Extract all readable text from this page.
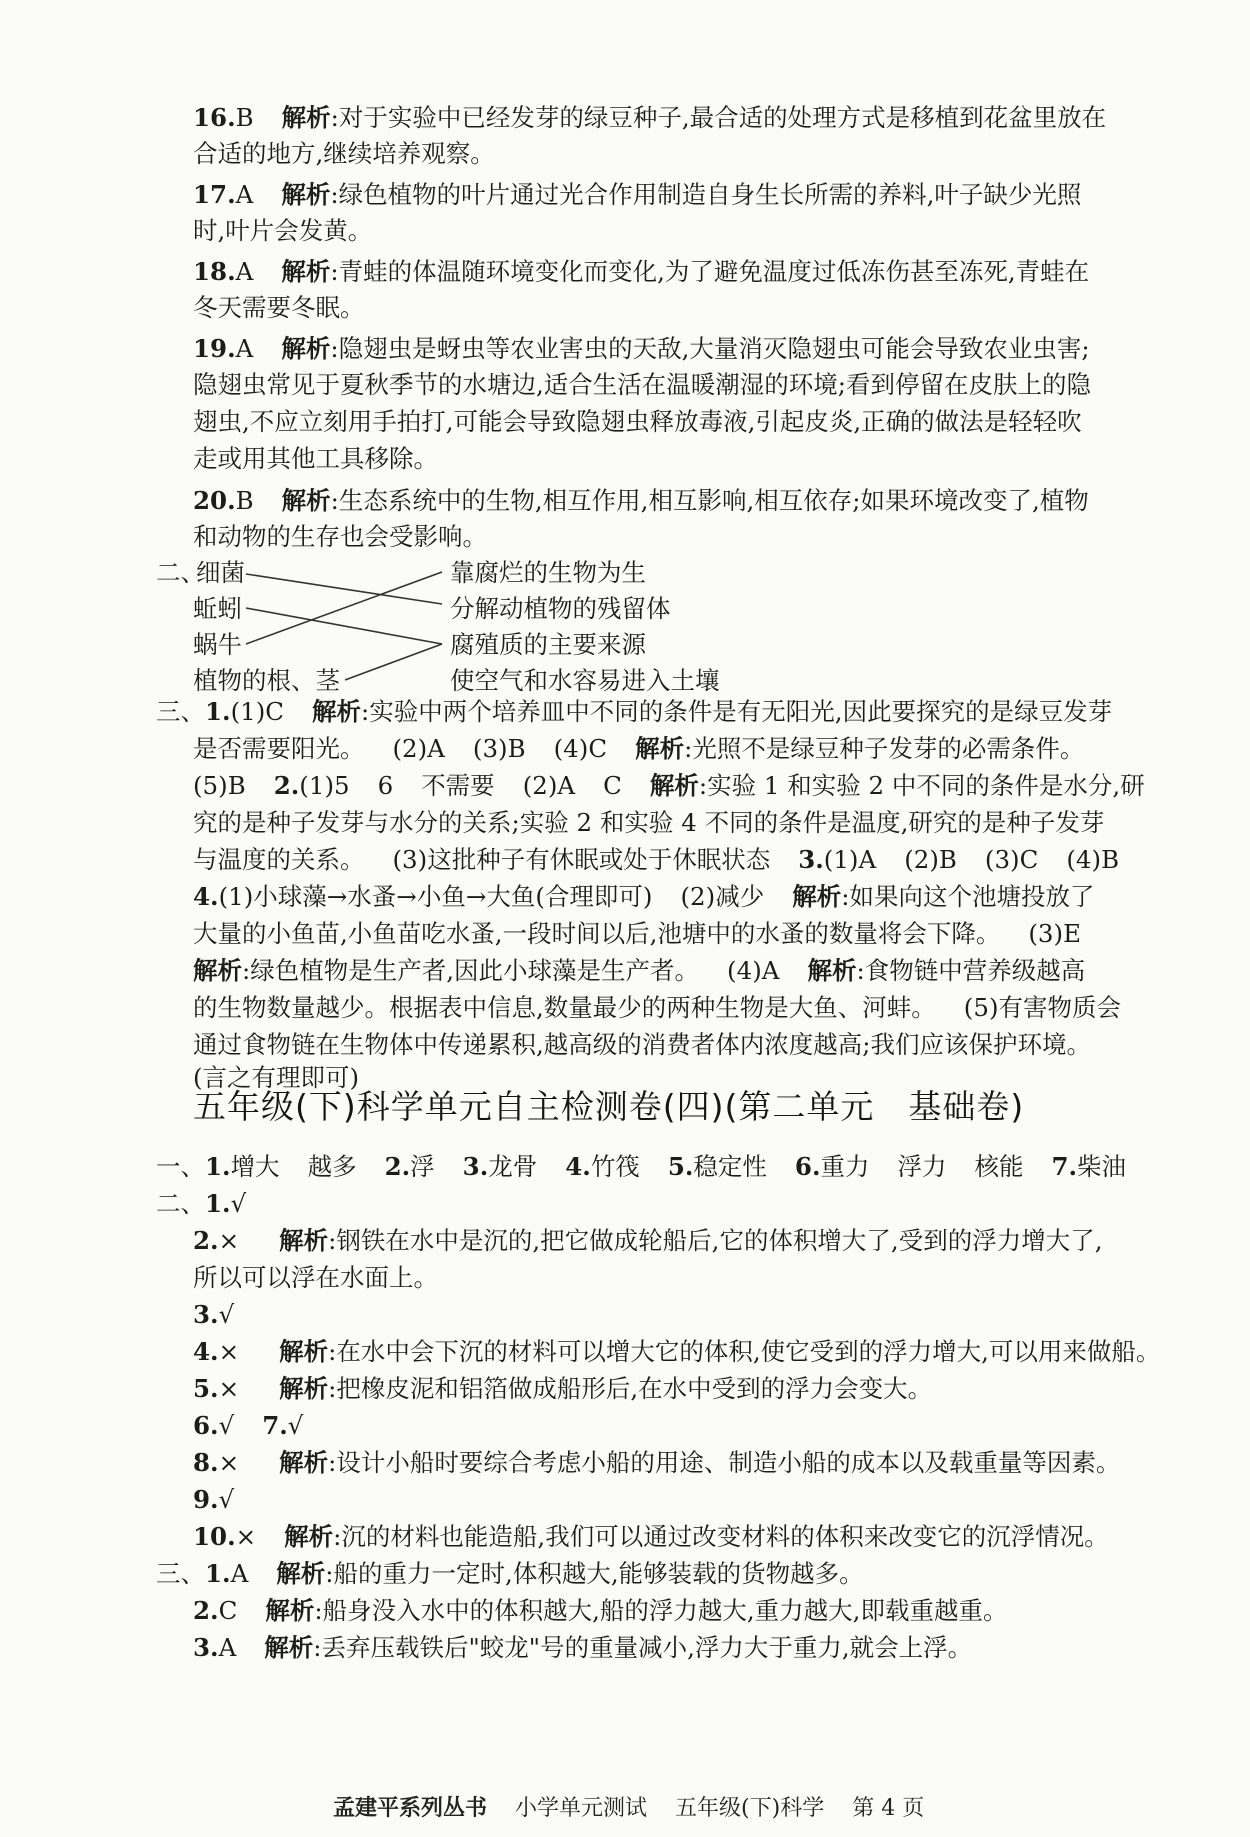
16.B 解析:对于实验中已经发芽的绿豆种子,最合适的处理方式是移植到花盆里放在
合适的地方,继续培养观察。
17.A 解析:绿色植物的叶片通过光合作用制造自身生长所需的养料,叶子缺少光照
时,叶片会发黄。
18.A 解析:青蛙的体温随环境变化而变化,为了避免温度过低冻伤甚至冻死,青蛙在
冬天需要冬眠。
19.A 解析:隐翅虫是蚜虫等农业害虫的天敌,大量消灭隐翅虫可能会导致农业虫害;
隐翅虫常见于夏秋季节的水塘边,适合生活在温暖潮湿的环境;看到停留在皮肤上的隐
翅虫,不应立刻用手拍打,可能会导致隐翅虫释放毒液,引起皮炎,正确的做法是轻轻吹
走或用其他工具移除。
20.B 解析:生态系统中的生物,相互作用,相互影响,相互依存;如果环境改变了,植物
和动物的生存也会受影响。
二、
细菌
蚯蚓
蜗牛
植物的根、茎
靠腐烂的生物为生
分解动植物的残留体
腐殖质的主要来源
使空气和水容易进入土壤
三、1.(1)C 解析:实验中两个培养皿中不同的条件是有无阳光,因此要探究的是绿豆发芽
是否需要阳光。 (2)A (3)B (4)C 解析:光照不是绿豆种子发芽的必需条件。
(5)B 2.(1)5 6 不需要 (2)A C 解析:实验 1 和实验 2 中不同的条件是水分,研
究的是种子发芽与水分的关系;实验 2 和实验 4 不同的条件是温度,研究的是种子发芽
与温度的关系。 (3)这批种子有休眠或处于休眠状态 3.(1)A (2)B (3)C (4)B
4.(1)小球藻→水蚤→小鱼→大鱼(合理即可) (2)减少 解析:如果向这个池塘投放了
大量的小鱼苗,小鱼苗吃水蚤,一段时间以后,池塘中的水蚤的数量将会下降。 (3)E
解析:绿色植物是生产者,因此小球藻是生产者。 (4)A 解析:食物链中营养级越高
的生物数量越少。根据表中信息,数量最少的两种生物是大鱼、河蚌。 (5)有害物质会
通过食物链在生物体中传递累积,越高级的消费者体内浓度越高;我们应该保护环境。
(言之有理即可)
五年级(下)科学单元自主检测卷(四)(第二单元　基础卷)
一、1.增大 越多 2.浮 3.龙骨 4.竹筏 5.稳定性 6.重力 浮力 核能 7.柴油
二、1.√
2.× 解析:钢铁在水中是沉的,把它做成轮船后,它的体积增大了,受到的浮力增大了,
所以可以浮在水面上。
3.√
4.× 解析:在水中会下沉的材料可以增大它的体积,使它受到的浮力增大,可以用来做船。
5.× 解析:把橡皮泥和铝箔做成船形后,在水中受到的浮力会变大。
6.√ 7.√
8.× 解析:设计小船时要综合考虑小船的用途、制造小船的成本以及载重量等因素。
9.√
10.× 解析:沉的材料也能造船,我们可以通过改变材料的体积来改变它的沉浮情况。
三、1.A 解析:船的重力一定时,体积越大,能够装载的货物越多。
2.C 解析:船身没入水中的体积越大,船的浮力越大,重力越大,即载重越重。
3.A 解析:丢弃压载铁后"蛟龙"号的重量减小,浮力大于重力,就会上浮。
孟建平系列丛书 小学单元测试 五年级(下)科学 第 4 页
